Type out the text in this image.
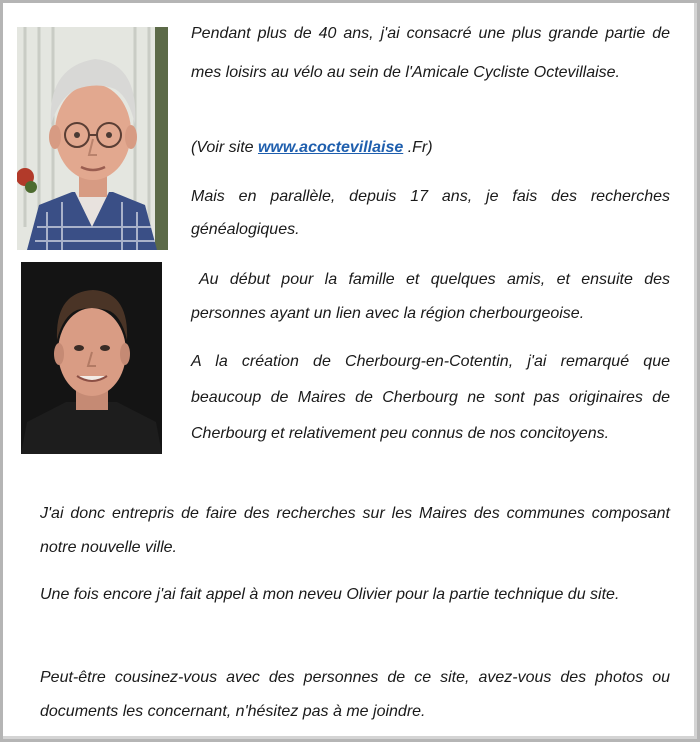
Pendant plus de 40 ans, j'ai consacré une plus grande partie de mes loisirs au vélo au sein de l'Amicale Cycliste Octevillaise.

(Voir site www.acoctevillaise .Fr)

Mais en parallèle, depuis 17 ans, je fais des recherches généalogiques.

Au début pour la famille et quelques amis, et ensuite des personnes ayant un lien avec la région cherbourgeoise.

A la création de Cherbourg-en-Cotentin, j'ai remarqué que beaucoup de Maires de Cherbourg ne sont pas originaires de Cherbourg et relativement peu connus de nos concitoyens.

J'ai donc entrepris de faire des recherches sur les Maires des communes composant notre nouvelle ville.

Une fois encore j'ai fait appel à mon neveu Olivier pour la partie technique du site.

Peut-être cousinez-vous avec des personnes de ce site, avez-vous des photos ou documents les concernant, n'hésitez pas à me joindre.
